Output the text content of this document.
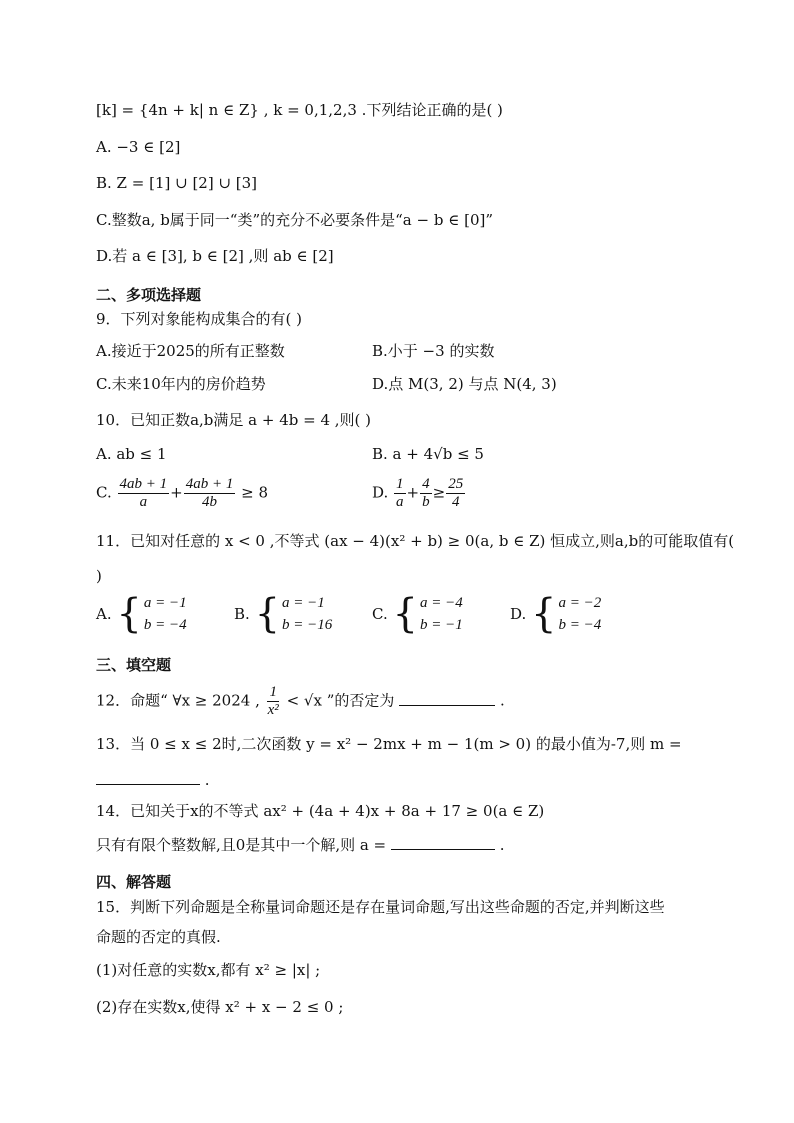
[k] = {4n + k| n ∈ Z} , k = 0,1,2,3 .下列结论正确的是( )
A. −3 ∈ [2]
B. Z = [1] ∪ [2] ∪ [3]
C.整数a, b属于同一“类”的充分不必要条件是“a − b ∈ [0]”
D.若 a ∈ [3], b ∈ [2] ,则 ab ∈ [2]
二、多项选择题
9．下列对象能构成集合的有( )
A.接近于2025的所有正整数	B.小于 −3 的实数
C.未来10年内的房价趋势	D.点 M(3, 2) 与点 N(4, 3)
10．已知正数a,b满足 a + 4b = 4 ,则( )
A. ab ≤ 1	B. a + 4√b ≤ 5
C. $\frac{4ab + 1}{a} + \frac{4ab + 1}{4b} \ge 8$	D. $\frac{1}{a} + \frac{4}{b} \ge \frac{25}{4}$
11．已知对任意的 x < 0 ,不等式 (ax − 4)(x² + b) ≥ 0(a, b ∈ Z) 恒成立,则a,b的可能取值有(
)
A. { a = −1
b = −4
B. { a = −1
b = −16
C. { a = −4
b = −1
D. { a = −2
b = −4
三、填空题
12．命题“ ∀x ≥ 2024 , $\frac{1}{\text{x²}} < √x$ ”的否定为	.
13．当 0 ≤ x ≤ 2时,二次函数 y = x² − 2mx + m − 1(m > 0) 的最小值为-7,则 m =
.
14．已知关于x的不等式 ax² + (4a + 4)x + 8a + 17 ≥ 0(a ∈ Z)
只有有限个整数解,且0是其中一个解,则 a =	.
四、解答题
15．判断下列命题是全称量词命题还是存在量词命题,写出这些命题的否定,并判断这些
命题的否定的真假.
(1)对任意的实数x,都有 x² ≥ |x| ;
(2)存在实数x,使得 x² + x − 2 ≤ 0 ;
